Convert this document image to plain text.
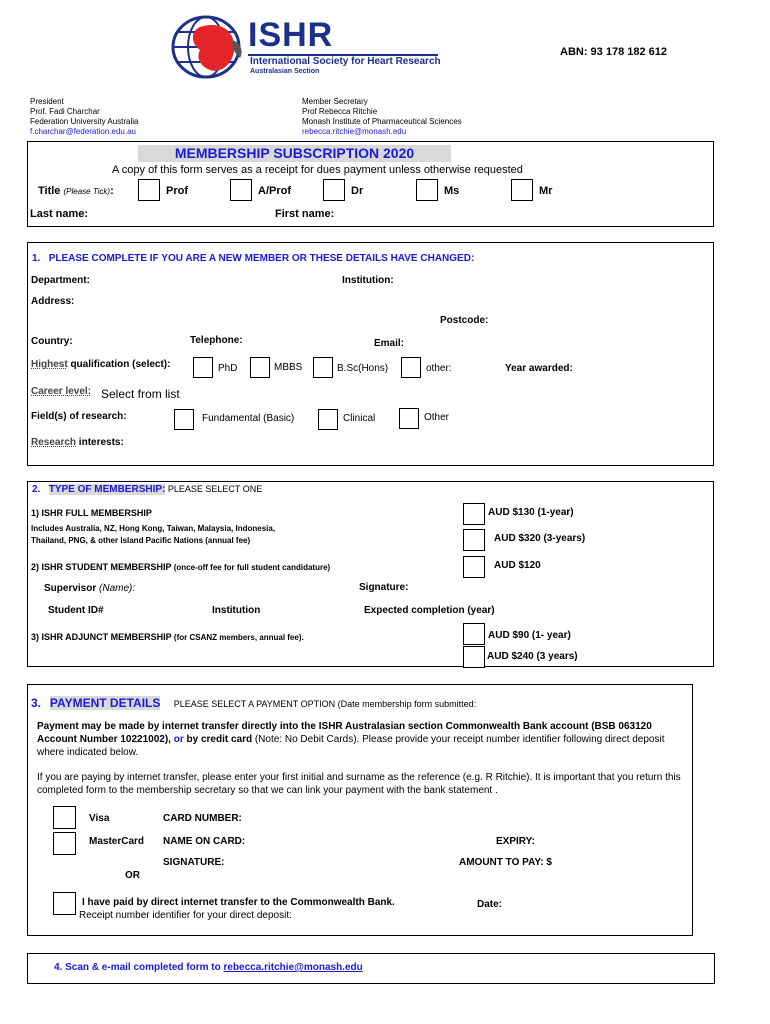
ISHR
International Society for Heart Research
Australasian Section
ABN: 93 178 182 612
President
Prof. Fadi Charchar
Federation University Australia
f.charchar@federation.edu.au
Member Secretary
Prof Rebecca Ritchie
Monash Institute of Pharmaceutical Sciences
rebecca.ritchie@monash.edu
MEMBERSHIP SUBSCRIPTION 2020
A copy of this form serves as a receipt for dues payment unless otherwise requested
Title (Please Tick):	Prof	A/Prof	Dr	Ms	Mr
Last name:	First name:
1. PLEASE COMPLETE IF YOU ARE A NEW MEMBER OR THESE DETAILS HAVE CHANGED:
Department:	Institution:
Address:
Postcode:
Country:	Telephone:	Email:
Highest qualification (select):	PhD	MBBS	B.Sc(Hons)	other:	Year awarded:
Career level: Select from list
Field(s) of research:	Fundamental (Basic)	Clinical	Other
Research interests:
2. TYPE OF MEMBERSHIP: PLEASE SELECT ONE
1) ISHR FULL MEMBERSHIP
Includes Australia, NZ, Hong Kong, Taiwan, Malaysia, Indonesia,
Thailand, PNG, & other Island Pacific Nations (annual fee)
AUD $130 (1-year)
AUD $320 (3-years)
2) ISHR STUDENT MEMBERSHIP (once-off fee for full student candidature)	AUD $120
Supervisor (Name):	Signature:
Student ID#	Institution	Expected completion (year)
3) ISHR ADJUNCT MEMBERSHIP (for CSANZ members, annual fee).	AUD $90 (1- year)
AUD $240 (3 years)
3. PAYMENT DETAILS PLEASE SELECT A PAYMENT OPTION (Date membership form submitted:
Payment may be made by internet transfer directly into the ISHR Australasian section Commonwealth Bank account (BSB 063120 Account Number 10221002), or by credit card (Note: No Debit Cards). Please provide your receipt number identifier following direct deposit where indicated below.
If you are paying by internet transfer, please enter your first initial and surname as the reference (e.g. R Ritchie). It is important that you return this completed form to the membership secretary so that we can link your payment with the bank statement .
Visa	CARD NUMBER:
MasterCard NAME ON CARD:	EXPIRY:
SIGNATURE:	AMOUNT TO PAY: $
OR
I have paid by direct internet transfer to the Commonwealth Bank.	Date:
Receipt number identifier for your direct deposit:
4. Scan & e-mail completed form to rebecca.ritchie@monash.edu
